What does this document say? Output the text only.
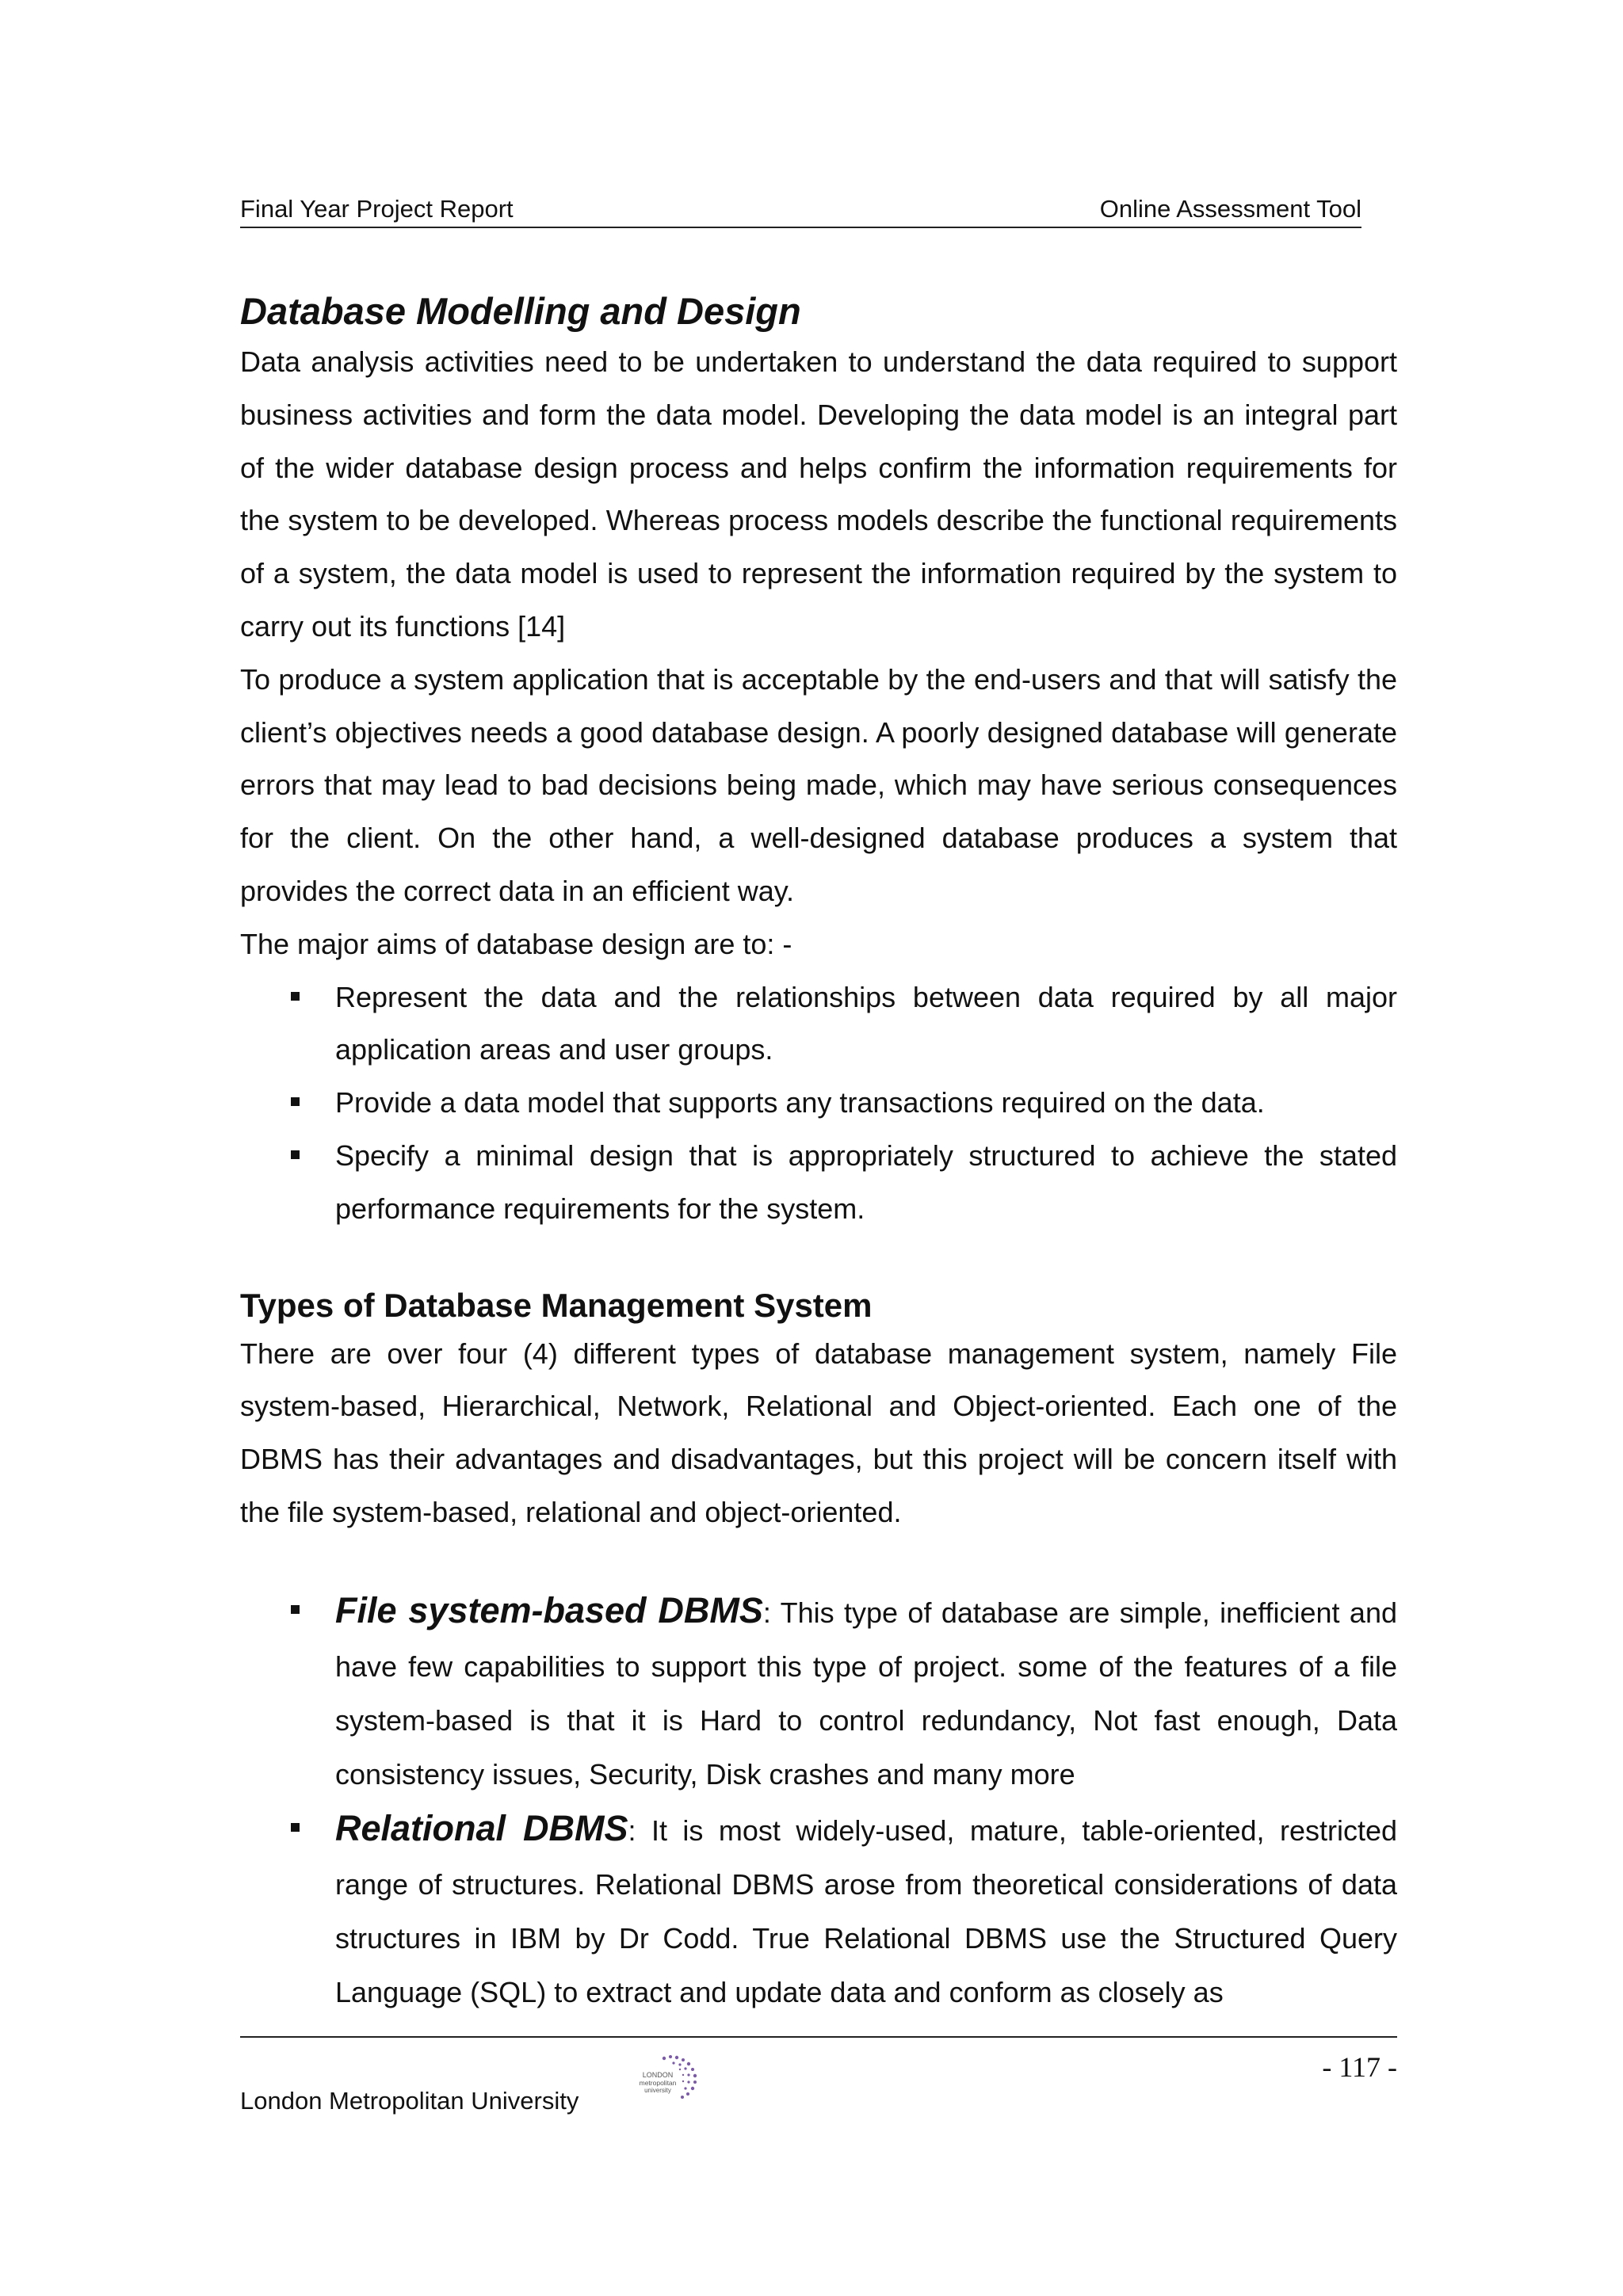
Final Year Project Report	Online Assessment Tool
Database Modelling and Design

Data analysis activities need to be undertaken to understand the data required to support business activities and form the data model. Developing the data model is an integral part of the wider database design process and helps confirm the information requirements for the system to be developed. Whereas process models describe the functional requirements of a system, the data model is used to represent the information required by the system to carry out its functions [14]

To produce a system application that is acceptable by the end-users and that will satisfy the client’s objectives needs a good database design. A poorly designed database will generate errors that may lead to bad decisions being made, which may have serious consequences for the client. On the other hand, a well-designed database produces a system that provides the correct data in an efficient way.

The major aims of database design are to: -

Represent the data and the relationships between data required by all major application areas and user groups.
Provide a data model that supports any transactions required on the data.
Specify a minimal design that is appropriately structured to achieve the stated performance requirements for the system.
Types of Database Management System

There are over four (4) different types of database management system, namely File system-based, Hierarchical, Network, Relational and Object-oriented. Each one of the DBMS has their advantages and disadvantages, but this project will be concern itself with the file system-based, relational and object-oriented.

File system-based DBMS: This type of database are simple, inefficient and have few capabilities to support this type of project. some of the features of a file system-based is that it is Hard to control redundancy, Not fast enough, Data consistency issues, Security, Disk crashes and many more
Relational DBMS: It is most widely-used, mature, table-oriented, restricted range of structures. Relational DBMS arose from theoretical considerations of data structures in IBM by Dr Codd. True Relational DBMS use the Structured Query Language (SQL) to extract and update data and conform as closely as
- 117 -
London Metropolitan University
LONDON
metropolitan
university
